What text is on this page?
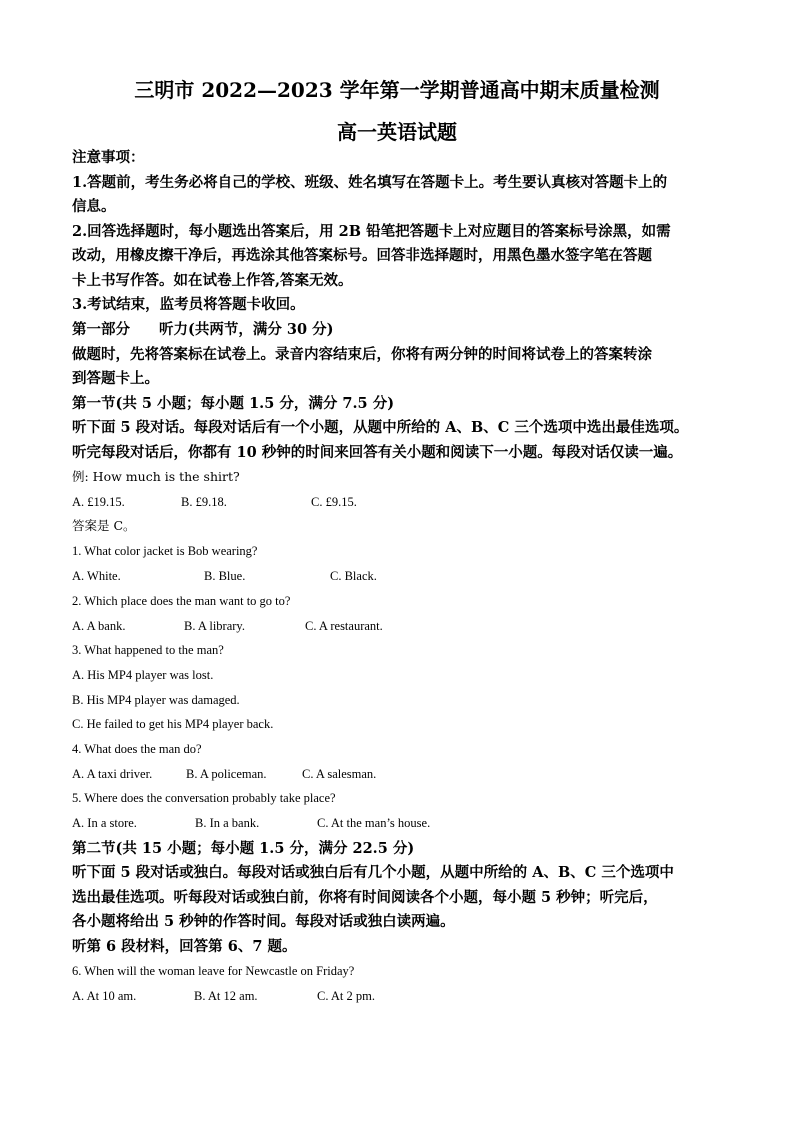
三明市 2022—2023 学年第一学期普通高中期末质量检测
高一英语试题
注意事项：
1.答题前，考生务必将自己的学校、班级、姓名填写在答题卡上。考生要认真核对答题卡上的
信息。
2.回答选择题时，每小题选出答案后，用 2B 铅笔把答题卡上对应题目的答案标号涂黑，如需
改动，用橡皮擦干净后，再选涂其他答案标号。回答非选择题时，用黑色墨水签字笔在答题
卡上书写作答。如在试卷上作答,答案无效。
3.考试结束，监考员将答题卡收回。
第一部分　　听力(共两节，满分 30 分)
做题时，先将答案标在试卷上。录音内容结束后，你将有两分钟的时间将试卷上的答案转涂
到答题卡上。
第一节(共 5 小题；每小题 1.5 分，满分 7.5 分)
听下面 5 段对话。每段对话后有一个小题，从题中所给的 A、B、C 三个选项中选出最佳选项。
听完每段对话后，你都有 10 秒钟的时间来回答有关小题和阅读下一小题。每段对话仅读一遍。
例: How much is the shirt?
A. £19.15.	B. £9.18.	C. £9.15.
答案是 C。
1. What color jacket is Bob wearing?
A. White.	B. Blue.	C. Black.
2. Which place does the man want to go to?
A. A bank.	B. A library.	C. A restaurant.
3. What happened to the man?
A. His MP4 player was lost.
B. His MP4 player was damaged.
C. He failed to get his MP4 player back.
4. What does the man do?
A. A taxi driver.	B. A policeman.	C. A salesman.
5. Where does the conversation probably take place?
A. In a store.	B. In a bank.	C. At the man’s house.
第二节(共 15 小题；每小题 1.5 分，满分 22.5 分)
听下面 5 段对话或独白。每段对话或独白后有几个小题，从题中所给的 A、B、C 三个选项中
选出最佳选项。听每段对话或独白前，你将有时间阅读各个小题，每小题 5 秒钟；听完后，
各小题将给出 5 秒钟的作答时间。每段对话或独白读两遍。
听第 6 段材料，回答第 6、7 题。
6. When will the woman leave for Newcastle on Friday?
A. At 10 am.	B. At 12 am.	C. At 2 pm.
